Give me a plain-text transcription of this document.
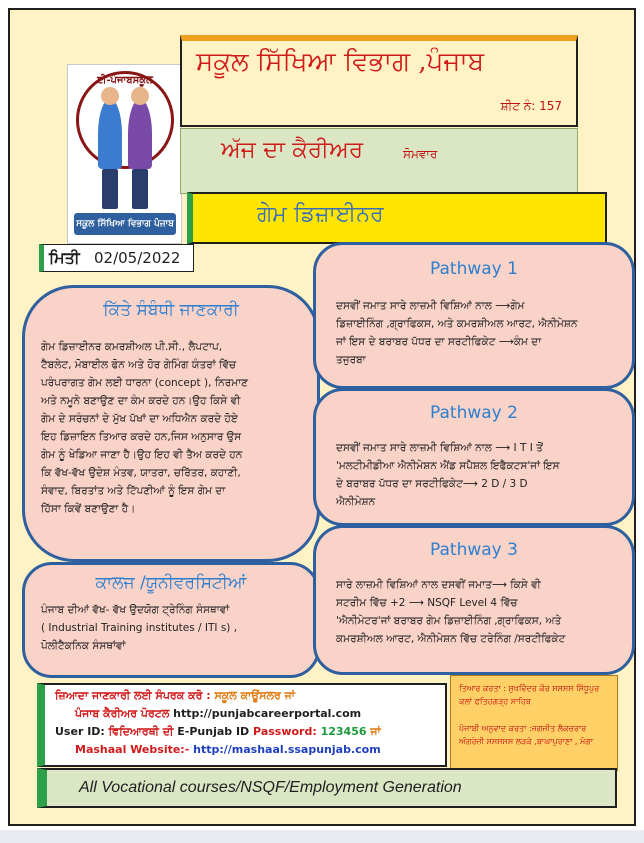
ਈ-ਪੰਜਾਬਸਕੂਲ
ਸਕੂਲ ਸਿੱਖਿਆ ਵਿਭਾਗ ਪੰਜਾਬ
ਸਕੂਲ ਸਿੱਖਿਆ ਵਿਭਾਗ ,ਪੰਜਾਬ
ਸ਼ੀਟ ਨੰ: 157
ਅੱਜ ਦਾ ਕੈਰੀਅਰ	ਸੋਮਵਾਰ
ਗੇਮ ਡਿਜ਼ਾਈਨਰ
ਮਿਤੀ 02/05/2022
ਕਿੱਤੇ ਸੰਬੰਧੀ ਜਾਣਕਾਰੀ
ਗੇਮ ਡਿਜ਼ਾਈਨਰ ਕਮਰਸ਼ੀਅਲ ਪੀ.ਸੀ., ਲੈਪਟਾਪ,
ਟੈਬਲੇਟ, ਮੋਬਾਈਲ ਫੋਨ ਅਤੇ ਹੋਰ ਗੇਮਿੰਗ ਯੰਤਰਾਂ ਵਿੱਚ
ਪਰੰਪਰਾਗਤ ਗੇਮ ਲਈ ਧਾਰਨਾ (concept ), ਨਿਰਮਾਣ
ਅਤੇ ਨਮੂਨੇ ਬਣਾਉਣ ਦਾ ਕੰਮ ਕਰਦੇ ਹਨ।ਉਹ ਕਿਸੇ ਵੀ
ਗੇਮ ਦੇ ਸਰੰਚਨਾਂ ਦੇ ਮੁੱਖ ਪੱਖਾਂ ਦਾ ਅਧਿਐਨ ਕਰਦੇ ਹੋਏ
ਇਹ ਡਿਜ਼ਾਇਨ ਤਿਆਰ ਕਰਦੇ ਹਨ,ਜਿਸ ਅਨੁਸਾਰ ਉਸ
ਗੇਮ ਨੂੰ ਖੇਡਿਆ ਜਾਣਾ ਹੈ।ਉਹ ਇਹ ਵੀ ਤੈਅ ਕਰਦੇ ਹਨ
ਕਿ ਵੱਖ-ਵੱਖ ਉਦੇਸ਼ ਮੰਤਵ, ਯਾਤਰਾ, ਚਰਿੱਤਰ, ਕਹਾਣੀ,
ਸੰਵਾਦ, ਬਿਰਤਾਂਤ ਅਤੇ ਟਿੱਪਣੀਆਂ ਨੂੰ ਇਸ ਗੇਮ ਦਾ
ਹਿੱਸਾ ਕਿਵੇਂ ਬਣਾਉਣਾ ਹੈ।
ਕਾਲਜ /ਯੂਨੀਵਰਸਿਟੀਆਂ
ਪੰਜਾਬ ਦੀਆਂ ਵੱਖ- ਵੱਖ ਉਦਯੋਗ ਟ੍ਰੇਨਿੰਗ ਸੰਸਥਾਵਾਂ
( Industrial Training institutes / ITI s) ,
ਪੋਲੀਟੈਕਨਿਕ ਸੰਸਥਾਂਵਾਂ
Pathway 1
ਦਸਵੀਂ ਜਮਾਤ ਸਾਰੇ ਲਾਜ਼ਮੀ ਵਿਸ਼ਿਆਂ ਨਾਲ ⟶ਗੇਮ
ਡਿਜ਼ਾਈਨਿੰਗ ,ਗ੍ਰਾਫਿਕਸ, ਅਤੇ ਕਮਰਸ਼ੀਅਲ ਆਰਟ, ਐਨੀਮੇਸ਼ਨ
ਜਾਂ ਇਸ ਦੇ ਬਰਾਬਰ ਪੱਧਰ ਦਾ ਸਰਟੀਫਿਕੇਟ ⟶ਕੰਮ ਦਾ
ਤਜੁਰਬਾ
Pathway 2
ਦਸਵੀਂ ਜਮਾਤ ਸਾਰੇ ਲਾਜ਼ਮੀ ਵਿਸ਼ਿਆਂ ਨਾਲ ⟶ I T I ਤੋਂ
'ਮਲਟੀਮੀਡੀਆ ਐਨੀਮੇਸ਼ਨ ਐਂਡ ਸਪੈਸ਼ਲ ਇਫੈਕਟਸ'ਜਾਂ ਇਸ
ਦੇ ਬਰਾਬਰ ਪੱਧਰ ਦਾ ਸਰਟੀਫਿਕੇਟ⟶ 2 D / 3 D
ਐਨੀਮੇਸ਼ਨ
Pathway 3
ਸਾਰੇ ਲਾਜ਼ਮੀ ਵਿਸ਼ਿਆਂ ਨਾਲ ਦਸਵੀਂ ਜਮਾਤ⟶ ਕਿਸੇ ਵੀ
ਸਟਰੀਮ ਵਿੱਚ +2 ⟶ NSQF Level 4 ਵਿੱਚ
'ਐਨੀਮੇਟਰ'ਜਾਂ ਬਰਾਬਰ ਗੇਮ ਡਿਜ਼ਾਈਨਿੰਗ ,ਗ੍ਰਾਫਿਕਸ, ਅਤੇ
ਕਮਰਸ਼ੀਅਲ ਆਰਟ, ਐਨੀਮੇਸ਼ਨ ਵਿੱਚ ਟਰੇਨਿੰਗ /ਸਰਟੀਫਿਕੇਟ
ਜ਼ਿਆਦਾ ਜਾਣਕਾਰੀ ਲਈ ਸੰਪਰਕ ਕਰੋ : ਸਕੂਲ ਕਾਊਂਸਲਰ ਜਾਂ
ਪੰਜਾਬ ਕੈਰੀਅਰ ਪੋਰਟਲ http://punjabcareerportal.com
User ID: ਵਿਦਿਆਰਥੀ ਦੀ E-Punjab ID Password: 123456 ਜਾਂ
Mashaal Website:- http://mashaal.ssapunjab.com
ਤਿਆਰ ਕਰਤਾ : ਸੁਖਵਿੰਦਰ ਕੌਰ ਸਸਸਸ ਸਿੱਧੂਪੁਰ ਕਲਾਂ ਫਤਿਹਗੜ੍ਹ ਸਾਹਿਬ
ਪੰਜਾਬੀ ਅਨੁਵਾਦ ਕਰਤਾ :ਜਗਜੀਤ ਲੈਕਚਰਾਰ ਅੰਗਰੇਜ਼ੀ ਸਸਸਸਸ ਲੜਕੇ ,ਬਾਘਾਪੁਰਾਣਾ , ਮੋਗਾ
All Vocational courses/NSQF/Employment Generation
